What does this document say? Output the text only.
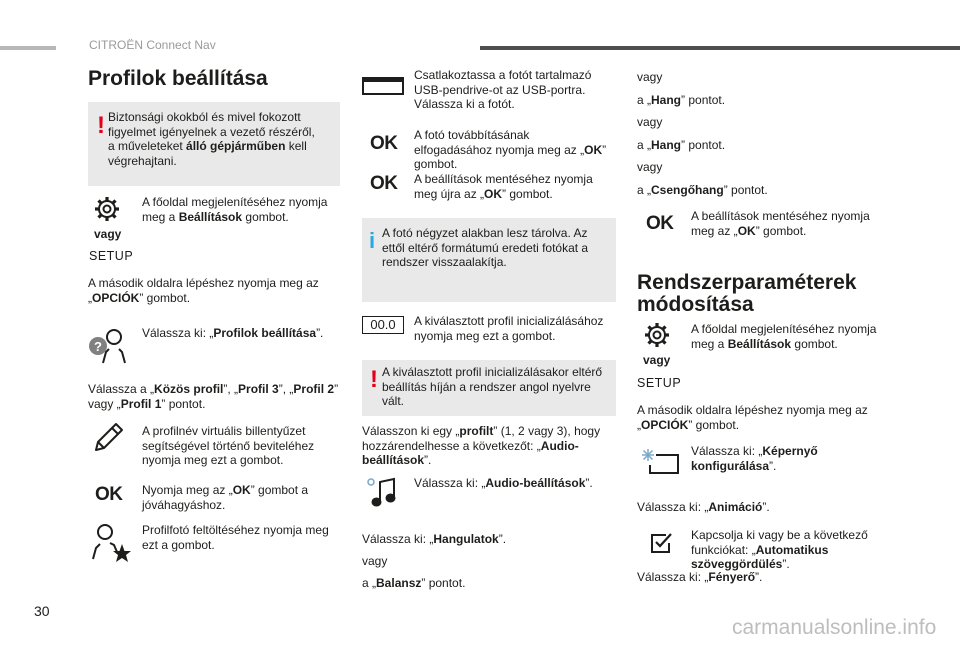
CITROËN Connect Nav
Profilok beállítása
! Biztonsági okokból és mivel fokozott
figyelmet igényelnek a vezető részéről,
a műveleteket álló gépjárműben kell
végrehajtani.
vagy
SETUP
A főoldal megjelenítéséhez nyomja
meg a Beállítások gombot.
A második oldalra lépéshez nyomja meg az
„OPCIÓK” gombot.
?
Válassza ki: „Profilok beállítása”.
Válassza a „Közös profil”, „Profil 3”, „Profil 2”
vagy „Profil 1” pontot.
A profilnév virtuális billentyűzet
segítségével történő beviteléhez
nyomja meg ezt a gombot.
OK Nyomja meg az „OK” gombot a
jóváhagyáshoz.
Profilfotó feltöltéséhez nyomja meg
ezt a gombot.
30
Csatlakoztassa a fotót tartalmazó
USB-pendrive-ot az USB-portra.
Válassza ki a fotót.
OK A fotó továbbításának
elfogadásához nyomja meg az „OK”
gombot.
OK A beállítások mentéséhez nyomja
meg újra az „OK” gombot.
i A fotó négyzet alakban lesz tárolva. Az
ettől eltérő formátumú eredeti fotókat a
rendszer visszaalakítja.
00.0	A kiválasztott profil inicializálásához
nyomja meg ezt a gombot.
! A kiválasztott profil inicializálásakor eltérő
beállítás híján a rendszer angol nyelvre
vált.
Válasszon ki egy „profilt” (1, 2 vagy 3), hogy
hozzárendelhesse a következőt: „Audio-
beállítások”.
Válassza ki: „Audio-beállítások”.
Válassza ki: „Hangulatok”.
vagy
a „Balansz” pontot.
vagy
a „Hang” pontot.
vagy
a „Hang” pontot.
vagy
a „Csengőhang” pontot.
OK A beállítások mentéséhez nyomja
meg az „OK” gombot.
Rendszerparaméterek
módosítása
vagy
SETUP
A főoldal megjelenítéséhez nyomja
meg a Beállítások gombot.
A második oldalra lépéshez nyomja meg az
„OPCIÓK” gombot.
Válassza ki: „Képernyő
konfigurálása”.
Válassza ki: „Animáció”.
Kapcsolja ki vagy be a következő
funkciókat: „Automatikus
szöveggördülés”.
Válassza ki: „Fényerő”.
carmanualsonline.info
